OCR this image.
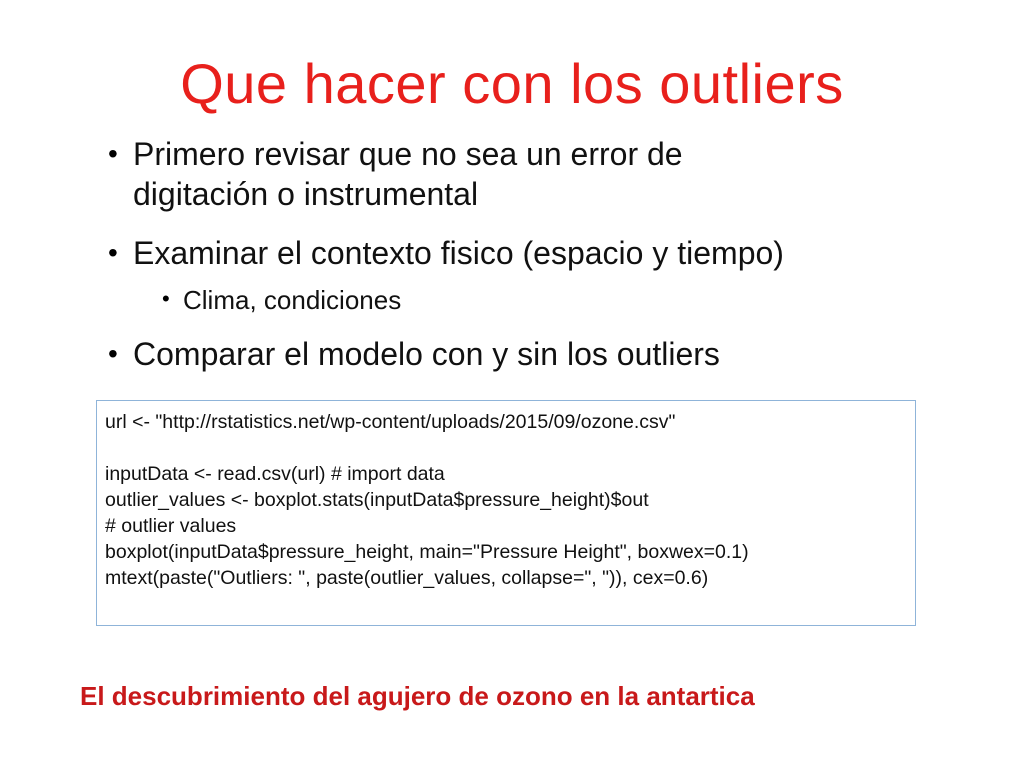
Que hacer con los outliers
• Primero revisar que no sea un error de
digitación o instrumental
• Examinar el contexto fisico (espacio y tiempo)
• Clima, condiciones
• Comparar el modelo con y sin los outliers
url <- "http://rstatistics.net/wp-content/uploads/2015/09/ozone.csv"
inputData <- read.csv(url) # import data
outlier_values <- boxplot.stats(inputData$pressure_height)$out
# outlier values
boxplot(inputData$pressure_height, main="Pressure Height", boxwex=0.1)
mtext(paste("Outliers: ", paste(outlier_values, collapse=", ")), cex=0.6)
El descubrimiento del agujero de ozono en la antartica
